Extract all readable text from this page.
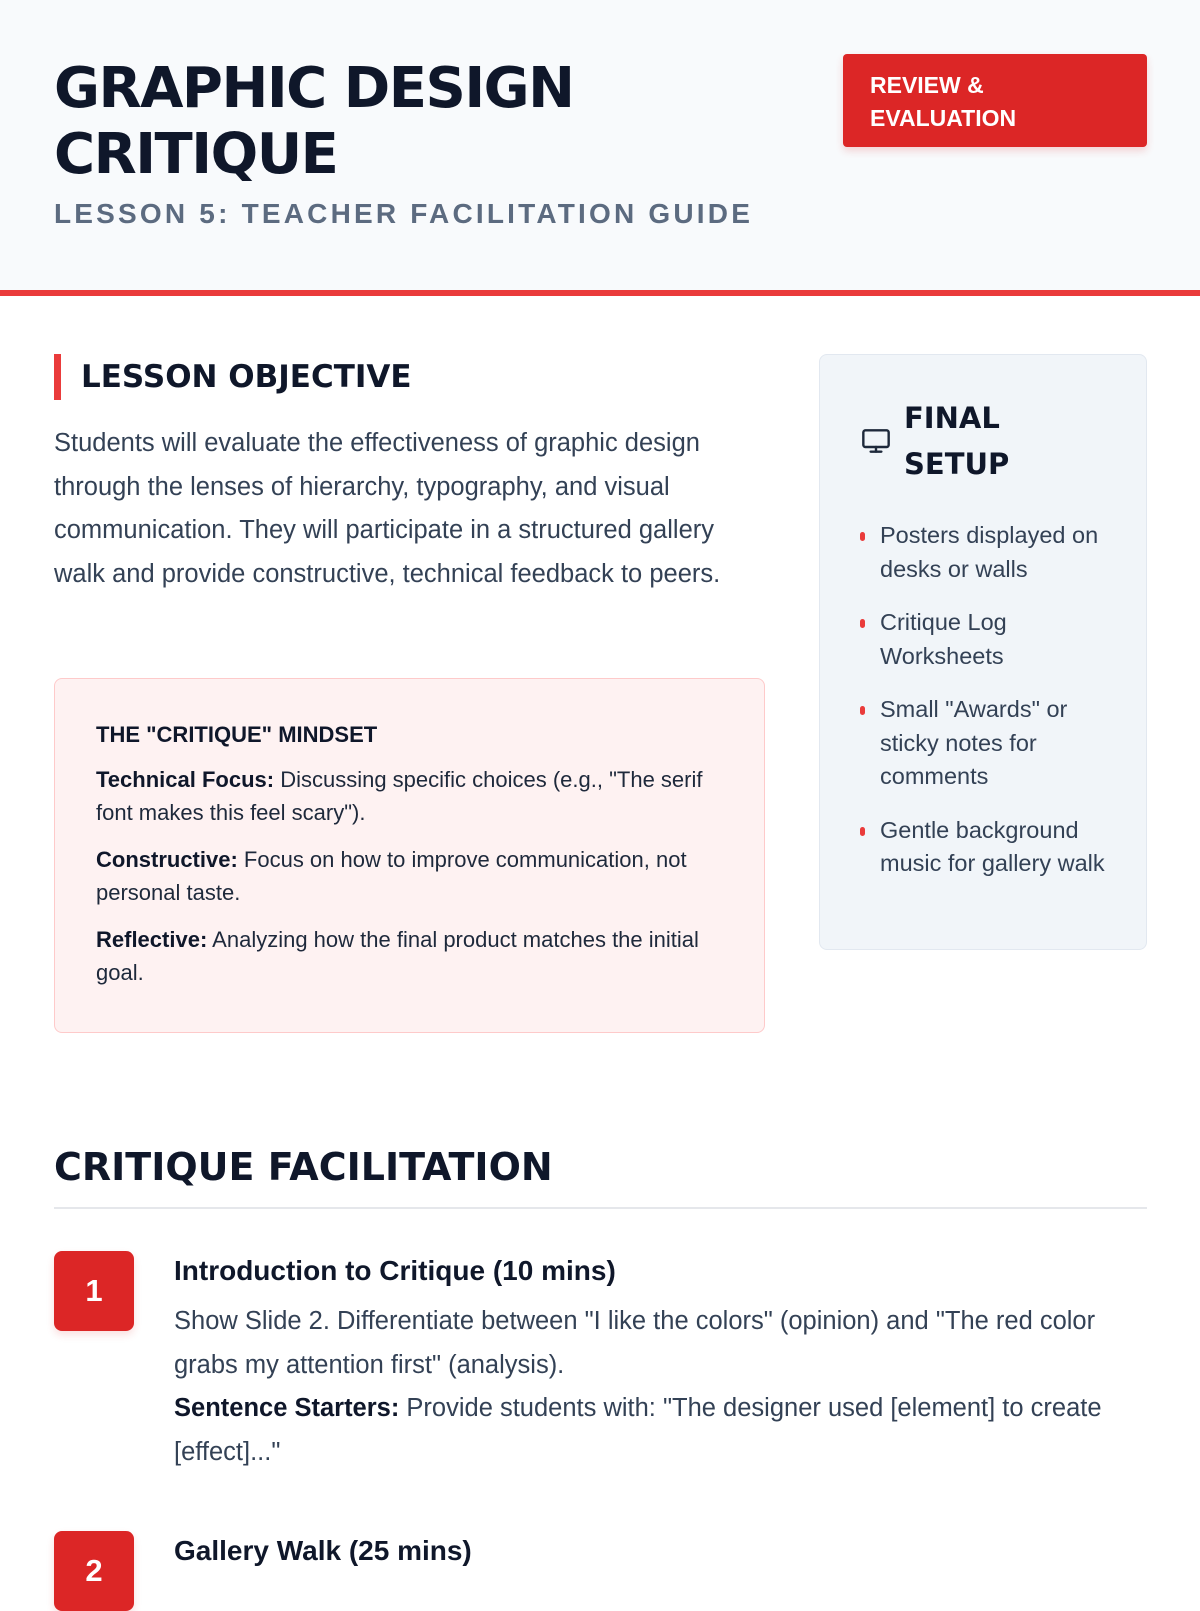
GRAPHIC DESIGN CRITIQUE
LESSON 5: TEACHER FACILITATION GUIDE
REVIEW & EVALUATION
LESSON OBJECTIVE

Students will evaluate the effectiveness of graphic design through the lenses of hierarchy, typography, and visual communication. They will participate in a structured gallery walk and provide constructive, technical feedback to peers.

THE "CRITIQUE" MINDSET

Technical Focus: Discussing specific choices (e.g., "The serif font makes this feel scary").

Constructive: Focus on how to improve communication, not personal taste.

Reflective: Analyzing how the final product matches the initial goal.

FINAL SETUP
Posters displayed on desks or walls
Critique Log Worksheets
Small "Awards" or sticky notes for comments
Gentle background music for gallery walk
CRITIQUE FACILITATION
1
Introduction to Critique (10 mins)

Show Slide 2. Differentiate between "I like the colors" (opinion) and "The red color grabs my attention first" (analysis).
Sentence Starters: Provide students with: "The designer used [element] to create [effect]..."

2
Gallery Walk (25 mins)
